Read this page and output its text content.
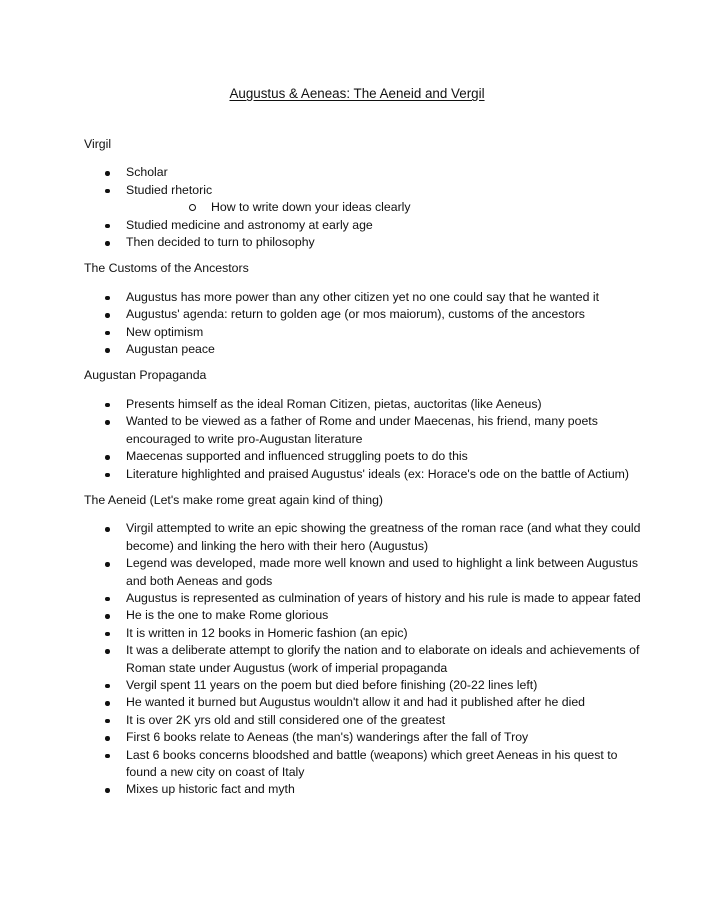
Augustus & Aeneas: The Aeneid and Vergil
Virgil
Scholar
Studied rhetoric
How to write down your ideas clearly
Studied medicine and astronomy at early age
Then decided to turn to philosophy
The Customs of the Ancestors
Augustus has more power than any other citizen yet no one could say that he wanted it
Augustus' agenda: return to golden age (or mos maiorum), customs of the ancestors
New optimism
Augustan peace
Augustan Propaganda
Presents himself as the ideal Roman Citizen, pietas, auctoritas (like Aeneus)
Wanted to be viewed as a father of Rome and under Maecenas, his friend, many poets encouraged to write pro-Augustan literature
Maecenas supported and influenced struggling poets to do this
Literature highlighted and praised Augustus' ideals (ex: Horace's ode on the battle of Actium)
The Aeneid (Let's make rome great again kind of thing)
Virgil attempted to write an epic showing the greatness of the roman race (and what they could become) and linking the hero with their hero (Augustus)
Legend was developed, made more well known and used to highlight a link between Augustus and both Aeneas and gods
Augustus is represented as culmination of years of history and his rule is made to appear fated
He is the one to make Rome glorious
It is written in 12 books in Homeric fashion (an epic)
It was a deliberate attempt to glorify the nation and to elaborate on ideals and achievements of Roman state under Augustus (work of imperial propaganda
Vergil spent 11 years on the poem but died before finishing (20-22 lines left)
He wanted it burned but Augustus wouldn't allow it and had it published after he died
It is over 2K yrs old and still considered one of the greatest
First 6 books relate to Aeneas (the man's) wanderings after the fall of Troy
Last 6 books concerns bloodshed and battle (weapons) which greet Aeneas in his quest to found a new city on coast of Italy
Mixes up historic fact and myth
